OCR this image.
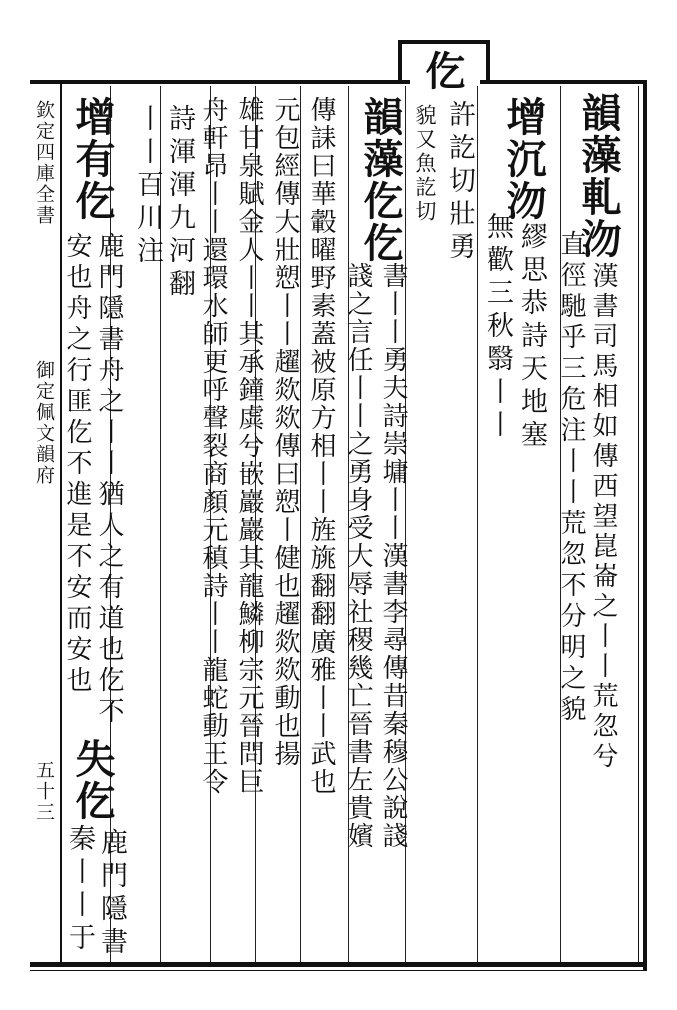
仡
欽定四庫全書
御定佩文韻府
五十三
韻藻軋沕
漢書司馬相如傳西望崑崙之丨丨荒忽兮
直徑馳乎三危注丨丨荒忽不分明之貌
增沉沕
繆思恭詩天地塞
無歡三秋翳丨丨
許訖切壯勇
貌又魚訖切
韻藻仡仡
書丨丨勇夫詩崇墉丨丨漢書李尋傳昔秦穆公說諓
諓之言任丨丨之勇身受大辱社稷幾亡晉書左貴嬪
傳誄曰華轂曜野素蓋被原方相丨丨旌旐翻翻廣雅丨丨武也
元包經傳大壯愬丨丨趯欻欻傳曰愬丨健也趯欻欻動也揚
雄甘泉賦金人丨丨其承鐘虡兮嵌巖巖其龍鱗柳宗元晉問巨
舟軒昂丨丨還環水師更呼聲裂商顏元稹詩丨丨龍蛇動王令
詩渾渾九河翻
丨丨百川注
增有仡
鹿門隱書舟之丨丨猶人之有道也仡不
安也舟之行匪仡不進是不安而安也
失仡
鹿門隱書
秦丨丨于
